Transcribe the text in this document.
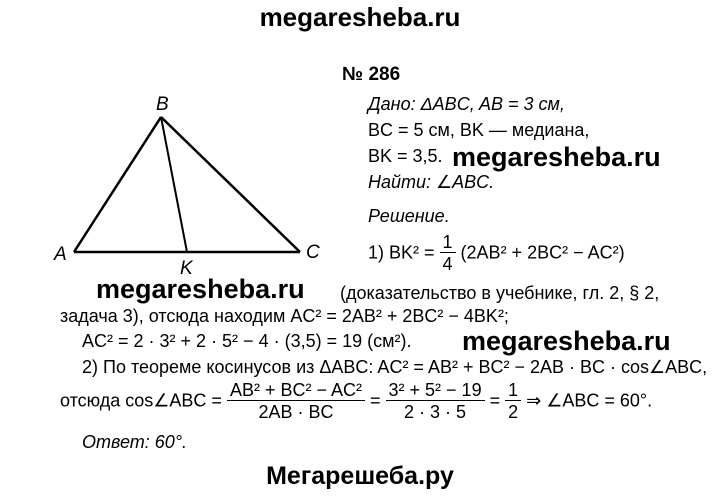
megaresheba.ru
megaresheba.ru
megaresheba.ru
megaresheba.ru
Мегарешеба.ру
№ 286
B
A	C
K
Дано: ΔABC, AB = 3 см,
BC = 5 см, BK — медиана,
BK = 3,5.
Найти: ∠ABC.
Решение.
1) $BK^2 = \frac{1}{4} (2AB^2 + 2BC^2 - AC^2)$
(доказательство в учебнике, гл. 2, § 2,
задача 3), отсюда находим AC² = 2AB² + 2BC² − 4BK²;
AC² = 2 · 3² + 2 · 5² − 4 · (3,5) = 19 (см²).
2) По теореме косинусов из ΔABC: AC² = AB² + BC² − 2AB · BC · cos∠ABC,
отсюда cos∠ABC = $\frac{\text{AB² + BC² − AC²}}{2AB \cdot BC} = \frac{\text{3² + 5² − 19}}{2 \cdot 3 \cdot 5} = \frac{1}{2}$ ⇒ ∠ABC = 60°.
Ответ: 60°.
